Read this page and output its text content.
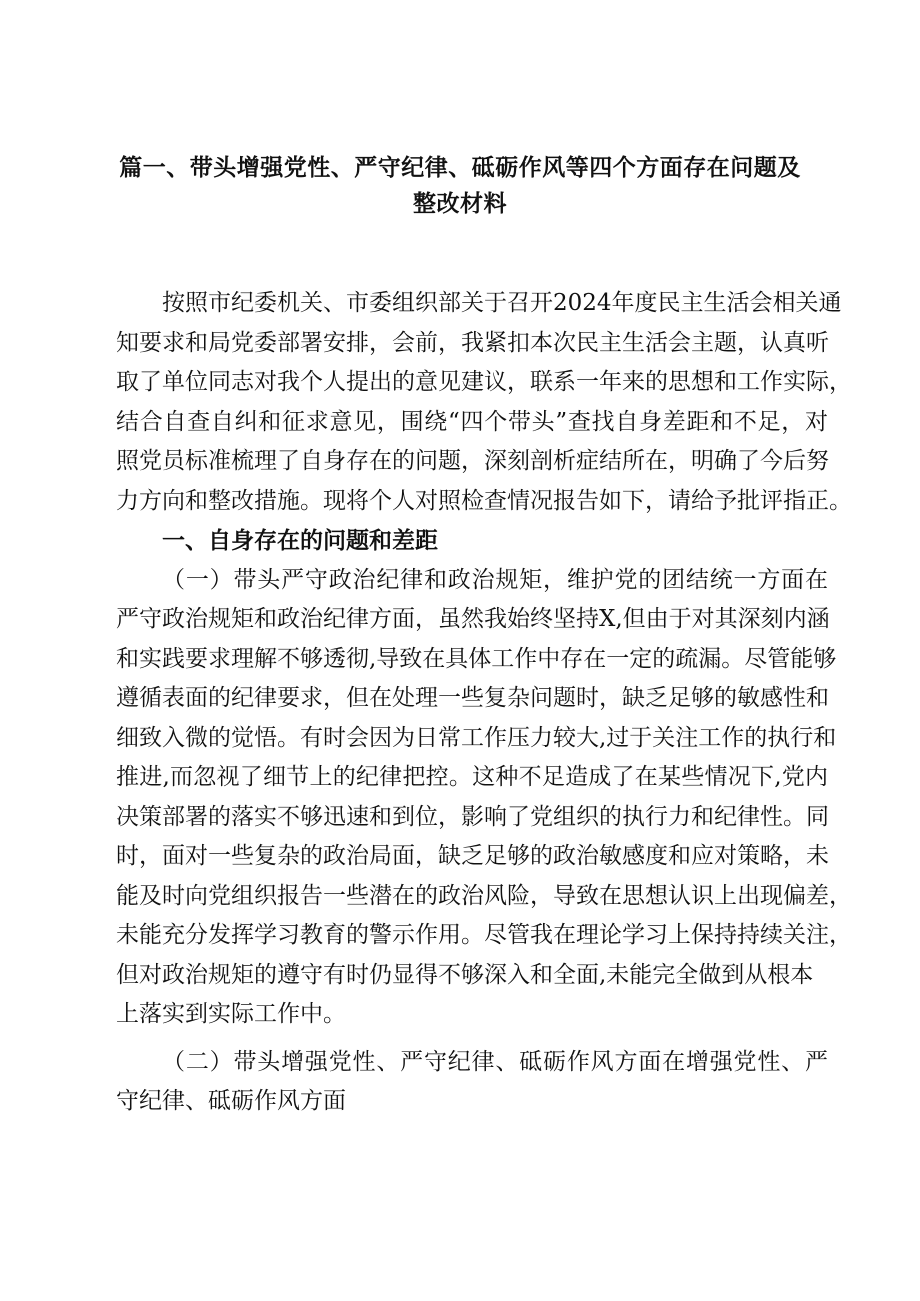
篇一、带头增强党性、严守纪律、砥砺作风等四个方面存在问题及
整改材料
按照市纪委机关、市委组织部关于召开2024年度民主生活会相关通
知要求和局党委部署安排，会前，我紧扣本次民主生活会主题，认真听
取了单位同志对我个人提出的意见建议，联系一年来的思想和工作实际，
结合自查自纠和征求意见，围绕“四个带头”查找自身差距和不足，对
照党员标准梳理了自身存在的问题，深刻剖析症结所在，明确了今后努
力方向和整改措施。现将个人对照检查情况报告如下，请给予批评指正。
一、自身存在的问题和差距
（一）带头严守政治纪律和政治规矩，维护党的团结统一方面在
严守政治规矩和政治纪律方面，虽然我始终坚持X,但由于对其深刻内涵
和实践要求理解不够透彻,导致在具体工作中存在一定的疏漏。尽管能够
遵循表面的纪律要求，但在处理一些复杂问题时，缺乏足够的敏感性和
细致入微的觉悟。有时会因为日常工作压力较大,过于关注工作的执行和
推进,而忽视了细节上的纪律把控。这种不足造成了在某些情况下,党内
决策部署的落实不够迅速和到位，影响了党组织的执行力和纪律性。同
时，面对一些复杂的政治局面，缺乏足够的政治敏感度和应对策略，未
能及时向党组织报告一些潜在的政治风险，导致在思想认识上出现偏差，
未能充分发挥学习教育的警示作用。尽管我在理论学习上保持持续关注，
但对政治规矩的遵守有时仍显得不够深入和全面,未能完全做到从根本
上落实到实际工作中。
（二）带头增强党性、严守纪律、砥砺作风方面在增强党性、严
守纪律、砥砺作风方面
